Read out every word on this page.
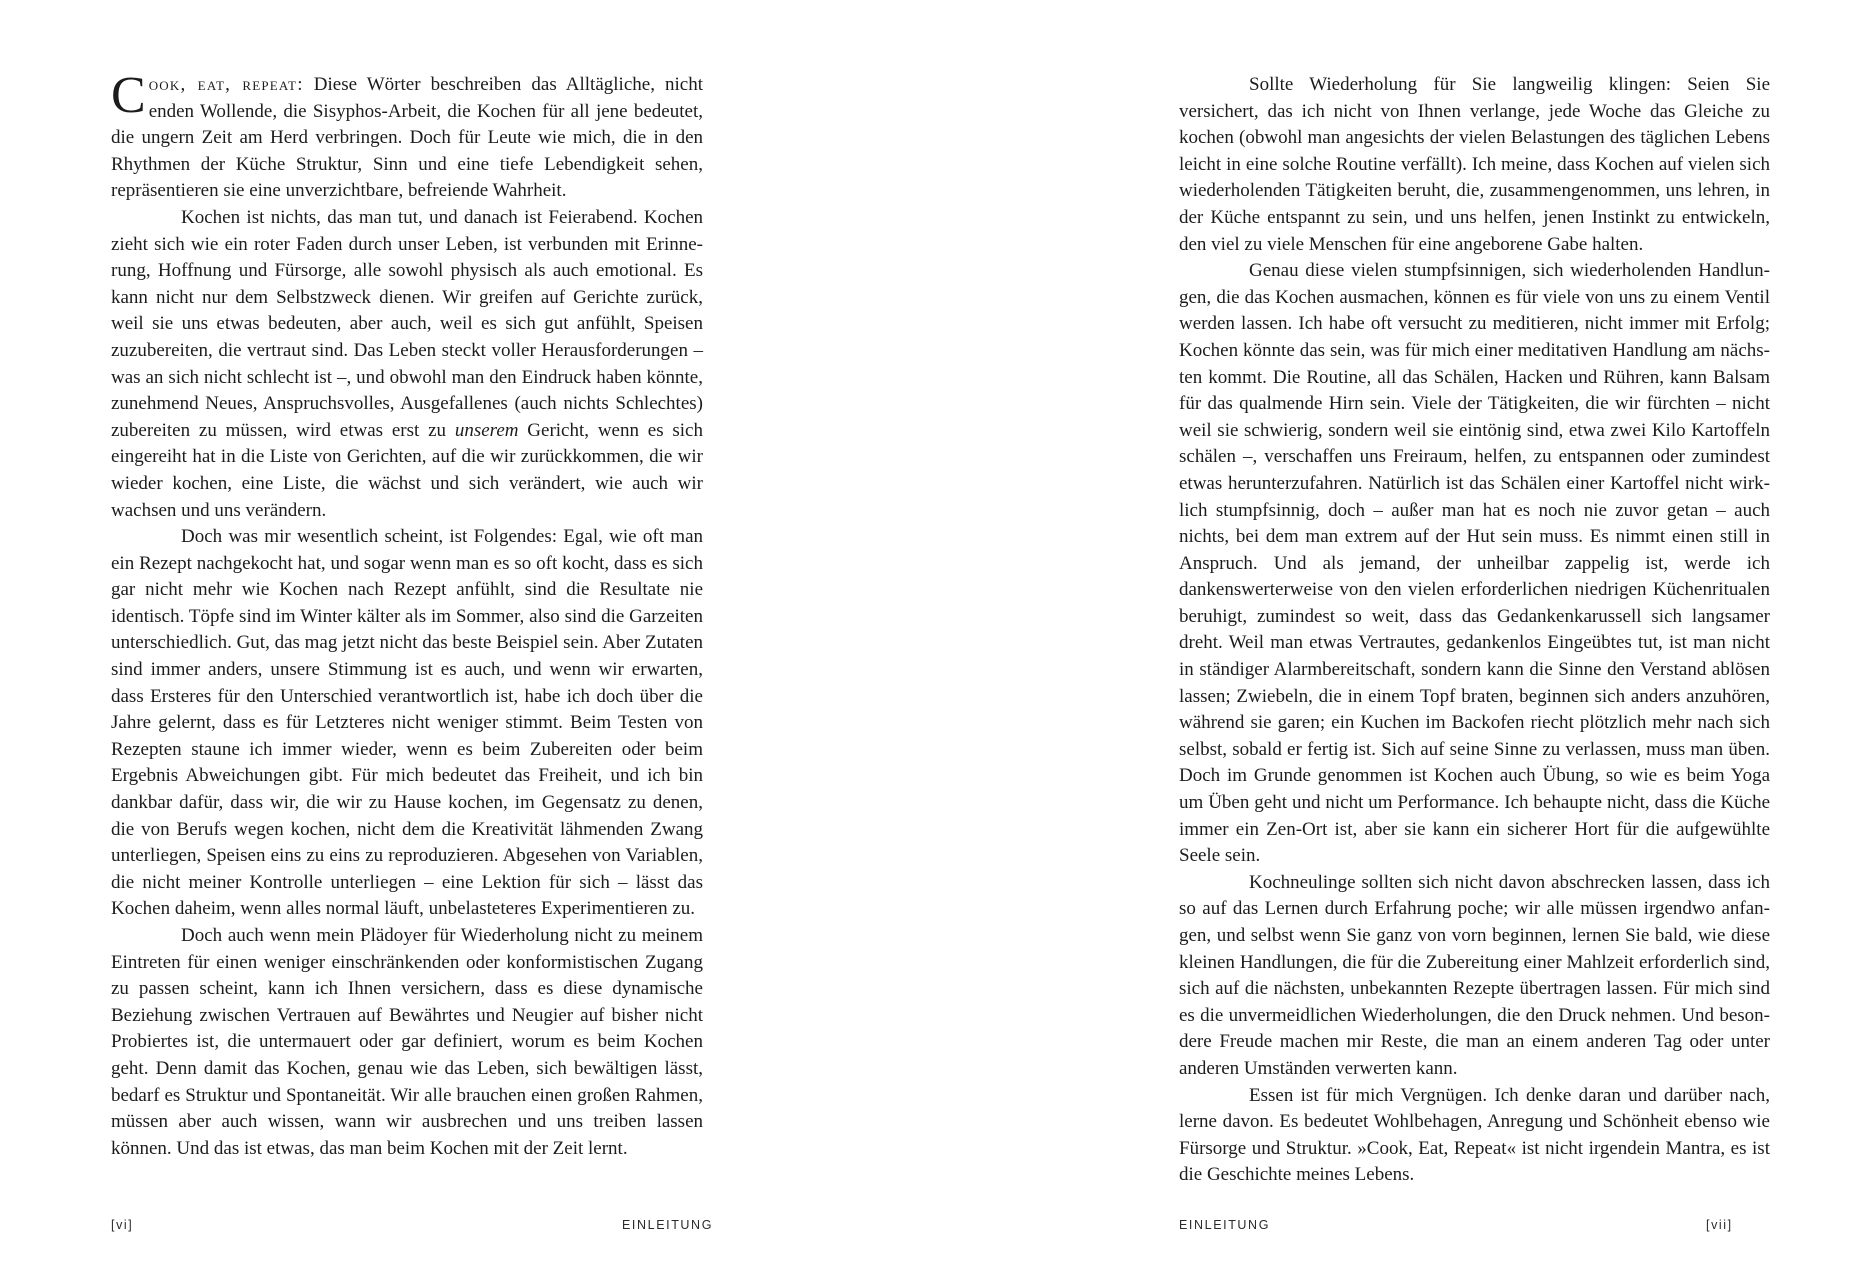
Cook, eat, repeat: Diese Wörter beschreiben das Alltägliche, nicht enden Wollende, die Sisyphos-Arbeit, die Kochen für all jene bedeutet, die ungern Zeit am Herd verbringen. Doch für Leute wie mich, die in den Rhythmen der Küche Struktur, Sinn und eine tiefe Lebendigkeit sehen, repräsentieren sie eine unverzichtbare, befreiende Wahrheit.

Kochen ist nichts, das man tut, und danach ist Feierabend. Kochen zieht sich wie ein roter Faden durch unser Leben, ist verbunden mit Erinnerung, Hoffnung und Fürsorge, alle sowohl physisch als auch emotional. Es kann nicht nur dem Selbstzweck dienen. Wir greifen auf Gerichte zurück, weil sie uns etwas bedeuten, aber auch, weil es sich gut anfühlt, Speisen zuzubereiten, die vertraut sind. Das Leben steckt voller Herausforderungen – was an sich nicht schlecht ist –, und obwohl man den Eindruck haben könnte, zunehmend Neues, Anspruchsvolles, Ausgefallenes (auch nichts Schlechtes) zubereiten zu müssen, wird etwas erst zu unserem Gericht, wenn es sich eingereiht hat in die Liste von Gerichten, auf die wir zurückkommen, die wir wieder kochen, eine Liste, die wächst und sich verändert, wie auch wir wachsen und uns verändern.

Doch was mir wesentlich scheint, ist Folgendes: Egal, wie oft man ein Rezept nachgekocht hat, und sogar wenn man es so oft kocht, dass es sich gar nicht mehr wie Kochen nach Rezept anfühlt, sind die Resultate nie identisch. Töpfe sind im Winter kälter als im Sommer, also sind die Garzeiten unterschiedlich. Gut, das mag jetzt nicht das beste Beispiel sein. Aber Zutaten sind immer anders, unsere Stimmung ist es auch, und wenn wir erwarten, dass Ersteres für den Unterschied verantwortlich ist, habe ich doch über die Jahre gelernt, dass es für Letzteres nicht weniger stimmt. Beim Testen von Rezepten staune ich immer wieder, wenn es beim Zubereiten oder beim Ergebnis Abweichungen gibt. Für mich bedeutet das Freiheit, und ich bin dankbar dafür, dass wir, die wir zu Hause kochen, im Gegensatz zu denen, die von Berufs wegen kochen, nicht dem die Kreativität lähmenden Zwang unterliegen, Speisen eins zu eins zu reproduzieren. Abgesehen von Variablen, die nicht meiner Kontrolle unterliegen – eine Lektion für sich – lässt das Kochen daheim, wenn alles normal läuft, unbelasteteres Experimentieren zu.

Doch auch wenn mein Plädoyer für Wiederholung nicht zu meinem Eintreten für einen weniger einschränkenden oder konformistischen Zugang zu passen scheint, kann ich Ihnen versichern, dass es diese dynamische Beziehung zwischen Vertrauen auf Bewährtes und Neugier auf bisher nicht Probiertes ist, die untermauert oder gar definiert, worum es beim Kochen geht. Denn damit das Kochen, genau wie das Leben, sich bewältigen lässt, bedarf es Struktur und Spontaneität. Wir alle brauchen einen großen Rahmen, müssen aber auch wissen, wann wir ausbrechen und uns treiben lassen können. Und das ist etwas, das man beim Kochen mit der Zeit lernt.

[vi]	EINLEITUNG

Sollte Wiederholung für Sie langweilig klingen: Seien Sie versichert, das ich nicht von Ihnen verlange, jede Woche das Gleiche zu kochen (obwohl man angesichts der vielen Belastungen des täglichen Lebens leicht in eine solche Routine verfällt). Ich meine, dass Kochen auf vielen sich wiederholenden Tätigkeiten beruht, die, zusammengenommen, uns lehren, in der Küche entspannt zu sein, und uns helfen, jenen Instinkt zu entwickeln, den viel zu viele Menschen für eine angeborene Gabe halten.

Genau diese vielen stumpfsinnigen, sich wiederholenden Handlungen, die das Kochen ausmachen, können es für viele von uns zu einem Ventil werden lassen. Ich habe oft versucht zu meditieren, nicht immer mit Erfolg; Kochen könnte das sein, was für mich einer meditativen Handlung am nächsten kommt. Die Routine, all das Schälen, Hacken und Rühren, kann Balsam für das qualmende Hirn sein. Viele der Tätigkeiten, die wir fürchten – nicht weil sie schwierig, sondern weil sie eintönig sind, etwa zwei Kilo Kartoffeln schälen –, verschaffen uns Freiraum, helfen, zu entspannen oder zumindest etwas herunterzufahren. Natürlich ist das Schälen einer Kartoffel nicht wirklich stumpfsinnig, doch – außer man hat es noch nie zuvor getan – auch nichts, bei dem man extrem auf der Hut sein muss. Es nimmt einen still in Anspruch. Und als jemand, der unheilbar zappelig ist, werde ich dankenswerterweise von den vielen erforderlichen niedrigen Küchenritualen beruhigt, zumindest so weit, dass das Gedankenkarussell sich langsamer dreht. Weil man etwas Vertrautes, gedankenlos Eingeübtes tut, ist man nicht in ständiger Alarmbereitschaft, sondern kann die Sinne den Verstand ablösen lassen; Zwiebeln, die in einem Topf braten, beginnen sich anders anzuhören, während sie garen; ein Kuchen im Backofen riecht plötzlich mehr nach sich selbst, sobald er fertig ist. Sich auf seine Sinne zu verlassen, muss man üben. Doch im Grunde genommen ist Kochen auch Übung, so wie es beim Yoga um Üben geht und nicht um Performance. Ich behaupte nicht, dass die Küche immer ein Zen-Ort ist, aber sie kann ein sicherer Hort für die aufgewühlte Seele sein.

Kochneulinge sollten sich nicht davon abschrecken lassen, dass ich so auf das Lernen durch Erfahrung poche; wir alle müssen irgendwo anfangen, und selbst wenn Sie ganz von vorn beginnen, lernen Sie bald, wie diese kleinen Handlungen, die für die Zubereitung einer Mahlzeit erforderlich sind, sich auf die nächsten, unbekannten Rezepte übertragen lassen. Für mich sind es die unvermeidlichen Wiederholungen, die den Druck nehmen. Und besondere Freude machen mir Reste, die man an einem anderen Tag oder unter anderen Umständen verwerten kann.

Essen ist für mich Vergnügen. Ich denke daran und darüber nach, lerne davon. Es bedeutet Wohlbehagen, Anregung und Schönheit ebenso wie Fürsorge und Struktur. »Cook, Eat, Repeat« ist nicht irgendein Mantra, es ist die Geschichte meines Lebens.

EINLEITUNG	[vii]
